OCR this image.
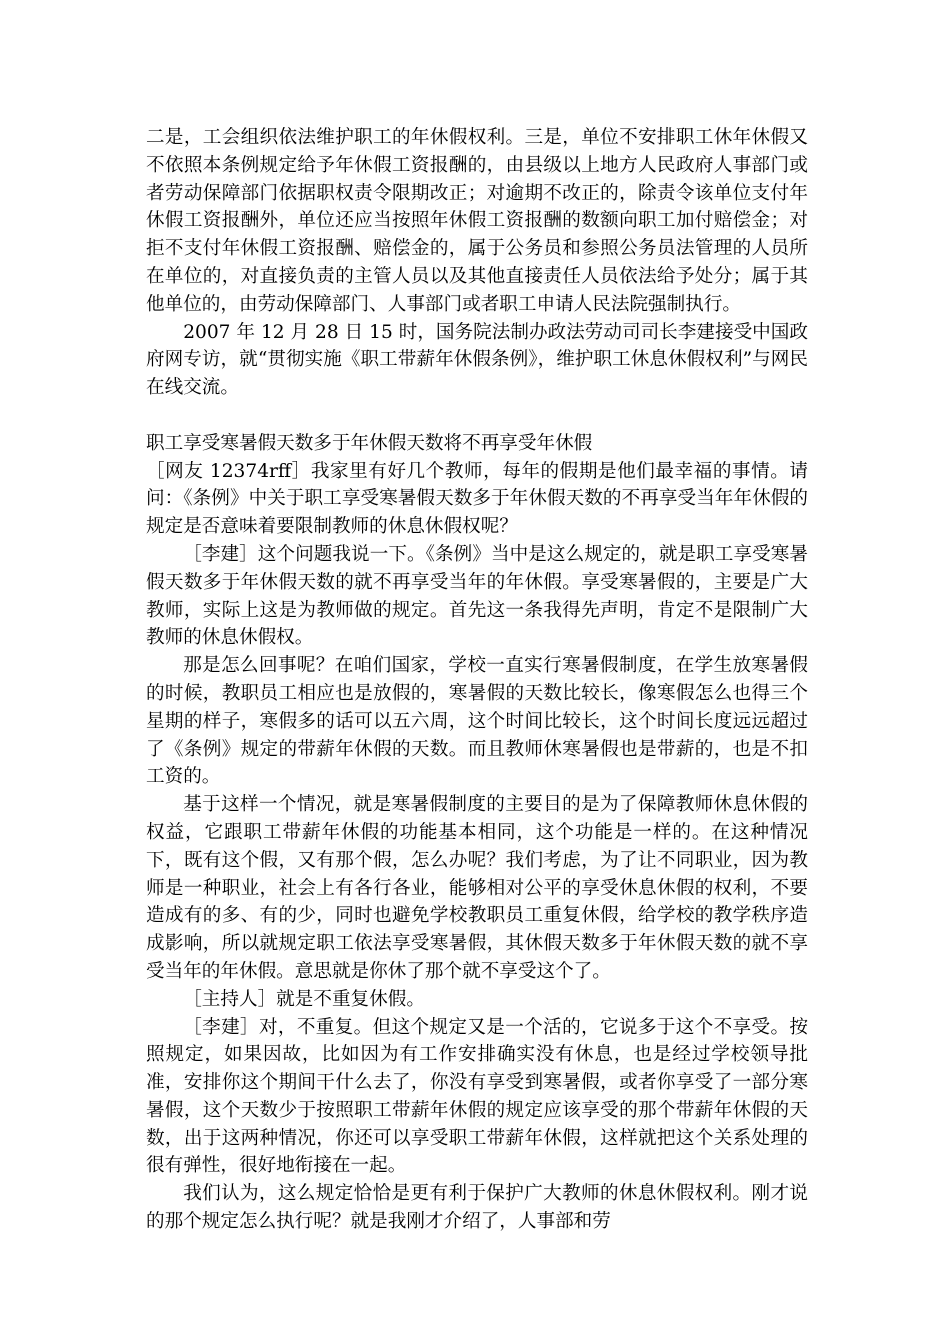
二是，工会组织依法维护职工的年休假权利。三是，单位不安排职工休年休假又不依照本条例规定给予年休假工资报酬的，由县级以上地方人民政府人事部门或者劳动保障部门依据职权责令限期改正；对逾期不改正的，除责令该单位支付年休假工资报酬外，单位还应当按照年休假工资报酬的数额向职工加付赔偿金；对拒不支付年休假工资报酬、赔偿金的，属于公务员和参照公务员法管理的人员所在单位的，对直接负责的主管人员以及其他直接责任人员依法给予处分；属于其他单位的，由劳动保障部门、人事部门或者职工申请人民法院强制执行。

2007 年 12 月 28 日 15 时，国务院法制办政法劳动司司长李建接受中国政府网专访，就“贯彻实施《职工带薪年休假条例》，维护职工休息休假权利”与网民在线交流。

职工享受寒暑假天数多于年休假天数将不再享受年休假

［网友 12374rff］我家里有好几个教师，每年的假期是他们最幸福的事情。请问：《条例》中关于职工享受寒暑假天数多于年休假天数的不再享受当年年休假的规定是否意味着要限制教师的休息休假权呢？

［李建］这个问题我说一下。《条例》当中是这么规定的，就是职工享受寒暑假天数多于年休假天数的就不再享受当年的年休假。享受寒暑假的，主要是广大教师，实际上这是为教师做的规定。首先这一条我得先声明，肯定不是限制广大教师的休息休假权。

那是怎么回事呢？在咱们国家，学校一直实行寒暑假制度，在学生放寒暑假的时候，教职员工相应也是放假的，寒暑假的天数比较长，像寒假怎么也得三个星期的样子，寒假多的话可以五六周，这个时间比较长，这个时间长度远远超过了《条例》规定的带薪年休假的天数。而且教师休寒暑假也是带薪的，也是不扣工资的。

基于这样一个情况，就是寒暑假制度的主要目的是为了保障教师休息休假的权益，它跟职工带薪年休假的功能基本相同，这个功能是一样的。在这种情况下，既有这个假，又有那个假，怎么办呢？我们考虑，为了让不同职业，因为教师是一种职业，社会上有各行各业，能够相对公平的享受休息休假的权利，不要造成有的多、有的少，同时也避免学校教职员工重复休假，给学校的教学秩序造成影响，所以就规定职工依法享受寒暑假，其休假天数多于年休假天数的就不享受当年的年休假。意思就是你休了那个就不享受这个了。

［主持人］就是不重复休假。

［李建］对，不重复。但这个规定又是一个活的，它说多于这个不享受。按照规定，如果因故，比如因为有工作安排确实没有休息，也是经过学校领导批准，安排你这个期间干什么去了，你没有享受到寒暑假，或者你享受了一部分寒暑假，这个天数少于按照职工带薪年休假的规定应该享受的那个带薪年休假的天数，出于这两种情况，你还可以享受职工带薪年休假，这样就把这个关系处理的很有弹性，很好地衔接在一起。

我们认为，这么规定恰恰是更有利于保护广大教师的休息休假权利。刚才说的那个规定怎么执行呢？就是我刚才介绍了，人事部和劳
